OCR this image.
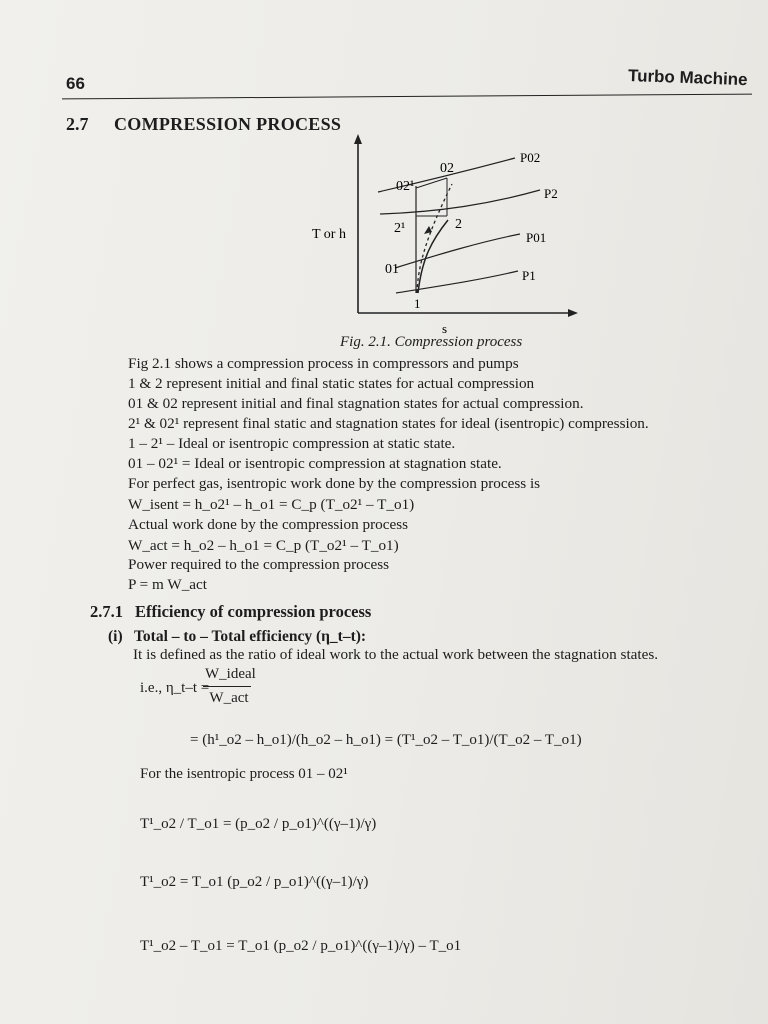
66	Turbo Machine
2.7 COMPRESSION PROCESS
T or h
s
02
02¹
2¹	2
01
1
P02
P2
P01
P1
Fig. 2.1. Compression process
Fig 2.1 shows a compression process in compressors and pumps
1 & 2 represent initial and final static states for actual compression
01 & 02 represent initial and final stagnation states for actual compression.
2¹ & 02¹ represent final static and stagnation states for ideal (isentropic) compression.
1 – 2¹ – Ideal or isentropic compression at static state.
01 – 02¹ = Ideal or isentropic compression at stagnation state.
For perfect gas, isentropic work done by the compression process is
W_isent = h_o2¹ – h_o1 = C_p (T_o2¹ – T_o1)
Actual work done by the compression process
W_act = h_o2 – h_o1 = C_p (T_o2¹ – T_o1)
Power required to the compression process
P = m W_act
2.7.1 Efficiency of compression process
(i) Total – to – Total efficiency (η_t–t):
It is defined as the ratio of ideal work to the actual work between the stagnation states.
i.e., η_t–t =
W_ideal
W_act
= (h¹_o2 – h_o1)/(h_o2 – h_o1) = (T¹_o2 – T_o1)/(T_o2 – T_o1)
For the isentropic process 01 – 02¹
T¹_o2 / T_o1 = (p_o2 / p_o1)^((γ–1)/γ)
T¹_o2 = T_o1 (p_o2 / p_o1)^((γ–1)/γ)
T¹_o2 – T_o1 = T_o1 (p_o2 / p_o1)^((γ–1)/γ) – T_o1
